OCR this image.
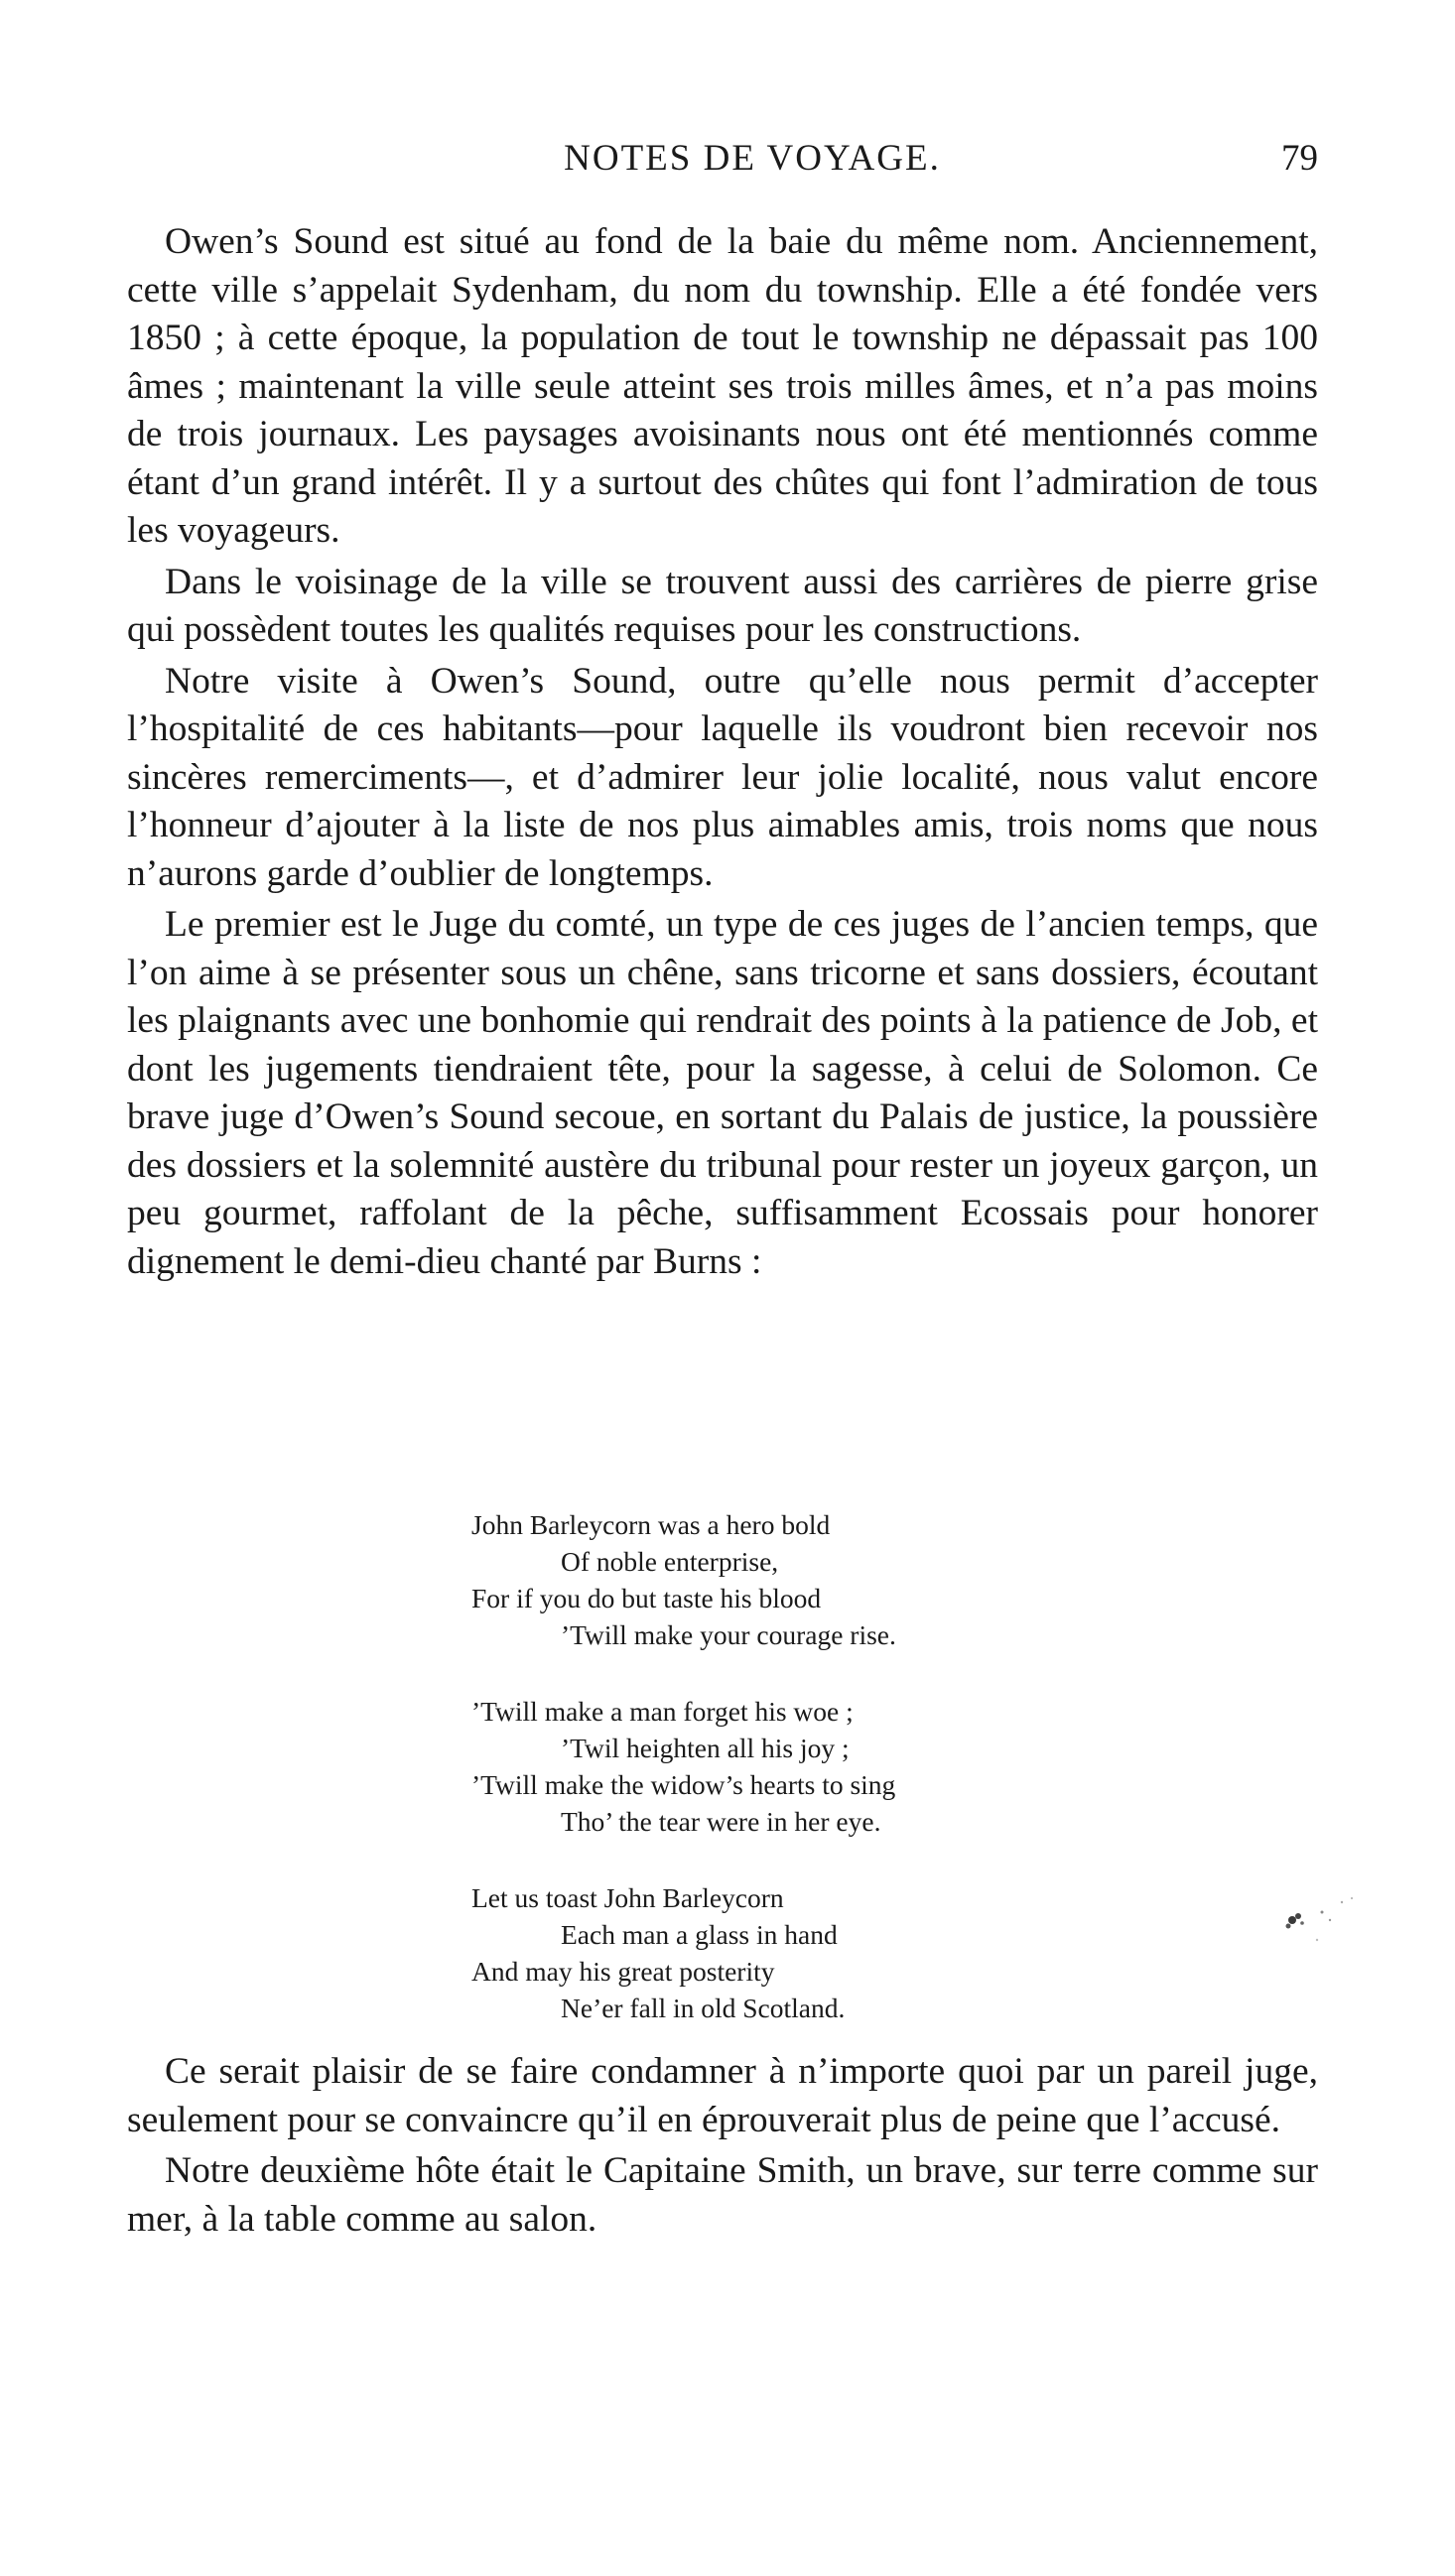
NOTES DE VOYAGE.	79

Owen’s Sound est situé au fond de la baie du même nom. Anciennement, cette ville s’appelait Sydenham, du nom du township. Elle a été fondée vers 1850 ; à cette époque, la population de tout le township ne dépassait pas 100 âmes ; maintenant la ville seule atteint ses trois milles âmes, et n’a pas moins de trois journaux. Les paysages avoisinants nous ont été mentionnés comme étant d’un grand intérêt. Il y a surtout des chûtes qui font l’admiration de tous les voyageurs.

Dans le voisinage de la ville se trouvent aussi des carrières de pierre grise qui possèdent toutes les qualités requises pour les constructions.

Notre visite à Owen’s Sound, outre qu’elle nous permit d’accepter l’hospitalité de ces habitants—pour laquelle ils voudront bien recevoir nos sincères remerciments—, et d’admirer leur jolie localité, nous valut encore l’honneur d’ajouter à la liste de nos plus aimables amis, trois noms que nous n’aurons garde d’oublier de longtemps.

Le premier est le Juge du comté, un type de ces juges de l’ancien temps, que l’on aime à se présenter sous un chêne, sans tricorne et sans dossiers, écoutant les plaignants avec une bonhomie qui rendrait des points à la patience de Job, et dont les jugements tiendraient tête, pour la sagesse, à celui de Solomon. Ce brave juge d’Owen’s Sound secoue, en sortant du Palais de justice, la poussière des dossiers et la solemnité austère du tribunal pour rester un joyeux garçon, un peu gourmet, raffolant de la pêche, suffisamment Ecossais pour honorer dignement le demi-dieu chanté par Burns :

John Barleycorn was a hero bold
Of noble enterprise,
For if you do but taste his blood
’Twill make your courage rise.
’Twill make a man forget his woe ;
’Twil heighten all his joy ;
’Twill make the widow’s hearts to sing
Tho’ the tear were in her eye.
Let us toast John Barleycorn
Each man a glass in hand
And may his great posterity
Ne’er fall in old Scotland.

Ce serait plaisir de se faire condamner à n’importe quoi par un pareil juge, seulement pour se convaincre qu’il en éprouverait plus de peine que l’accusé.

Notre deuxième hôte était le Capitaine Smith, un brave, sur terre comme sur mer, à la table comme au salon.
